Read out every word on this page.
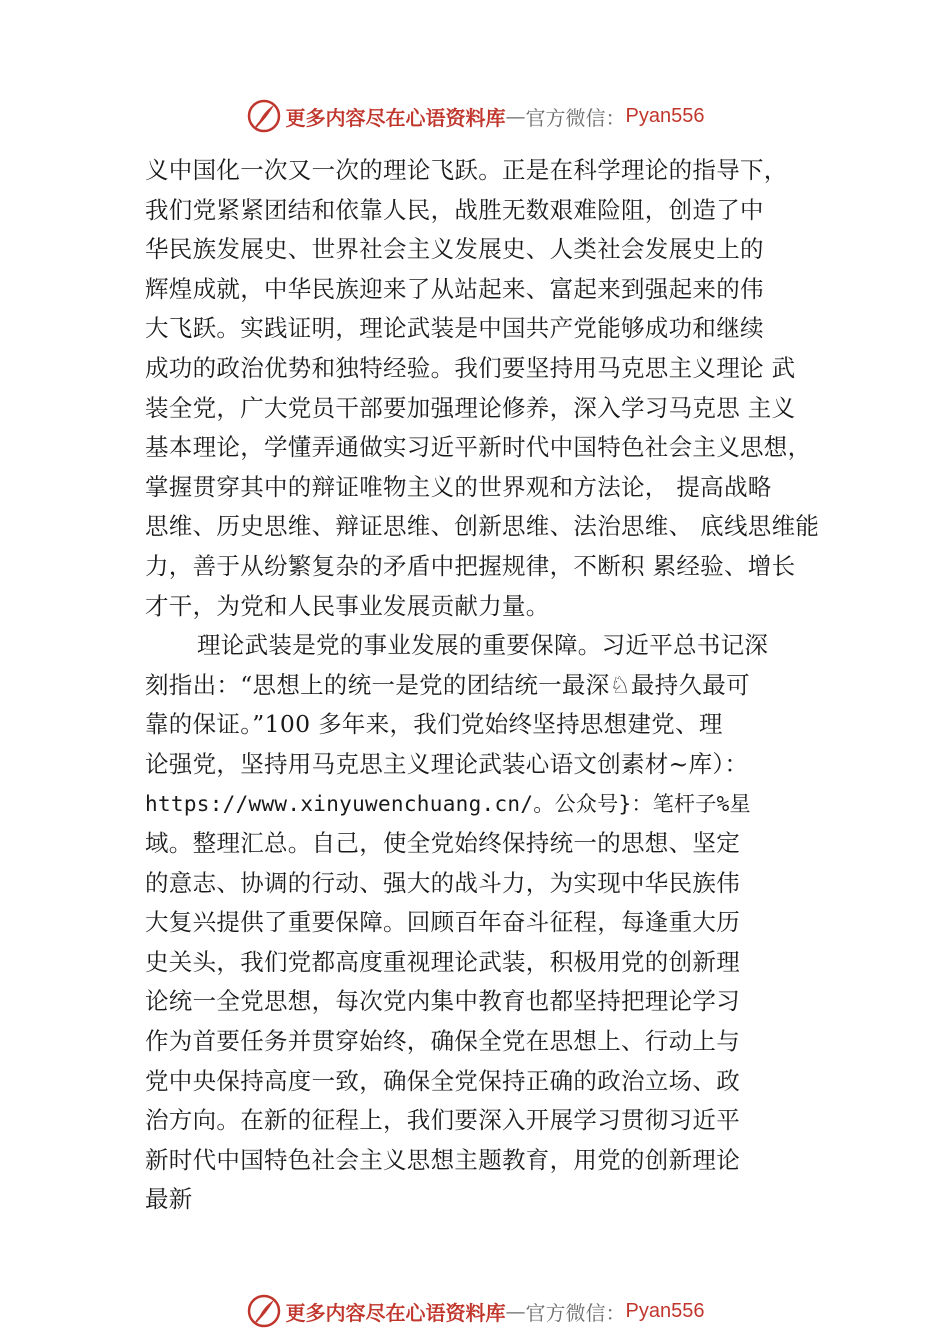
更多内容尽在心语资料库 — 官方微信： Pyan556
义中国化一次又一次的理论飞跃。正是在科学理论的指导下，
我们党紧紧团结和依靠人民，战胜无数艰难险阻，创造了中
华民族发展史、世界社会主义发展史、人类社会发展史上的
辉煌成就，中华民族迎来了从站起来、富起来到强起来的伟
大飞跃。实践证明，理论武装是中国共产党能够成功和继续
成功的政治优势和独特经验。我们要坚持用马克思主义理论 武
装全党，广大党员干部要加强理论修养，深入学习马克思 主义
基本理论，学懂弄通做实习近平新时代中国特色社会主义思想，
掌握贯穿其中的辩证唯物主义的世界观和方法论， 提高战略
思维、历史思维、辩证思维、创新思维、法治思维、 底线思维能
力，善于从纷繁复杂的矛盾中把握规律，不断积 累经验、增长
才干，为党和人民事业发展贡献力量。
理论武装是党的事业发展的重要保障。习近平总书记深
刻指出：“思想上的统一是党的团结统一最深♘最持久最可
靠的保证。”100 多年来，我们党始终坚持思想建党、理
论强党，坚持用马克思主义理论武装心语文创素材~库）：
https://www.xinyuwenchuang.cn/。公众号}：笔杆子%星
域。整理汇总。自己，使全党始终保持统一的思想、坚定
的意志、协调的行动、强大的战斗力，为实现中华民族伟
大复兴提供了重要保障。回顾百年奋斗征程，每逢重大历
史关头，我们党都高度重视理论武装，积极用党的创新理
论统一全党思想，每次党内集中教育也都坚持把理论学习
作为首要任务并贯穿始终，确保全党在思想上、行动上与
党中央保持高度一致，确保全党保持正确的政治立场、政
治方向。在新的征程上，我们要深入开展学习贯彻习近平
新时代中国特色社会主义思想主题教育，用党的创新理论
最新
更多内容尽在心语资料库 — 官方微信： Pyan556
